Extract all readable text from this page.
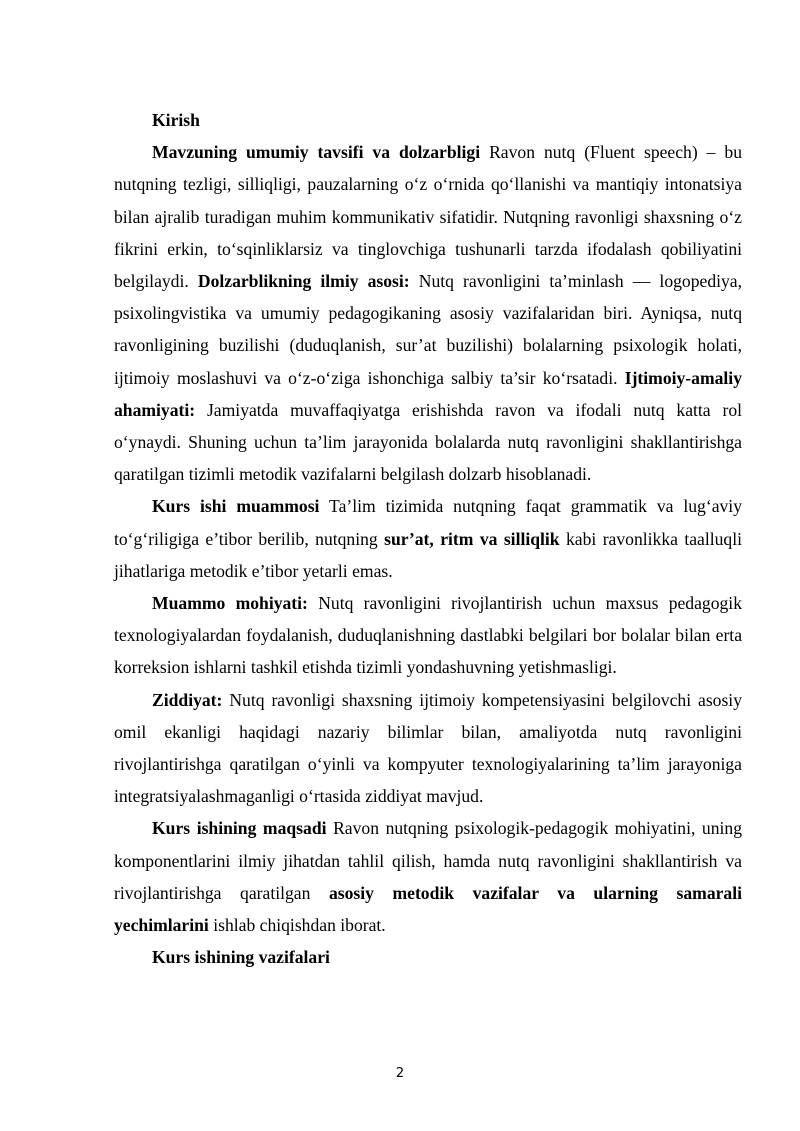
Kirish

Mavzuning umumiy tavsifi va dolzarbligi Ravon nutq (Fluent speech) – bu nutqning tezligi, silliqligi, pauzalarning o‘z o‘rnida qo‘llanishi va mantiqiy intonatsiya bilan ajralib turadigan muhim kommunikativ sifatidir. Nutqning ravonligi shaxsning o‘z fikrini erkin, to‘sqinliklarsiz va tinglovchiga tushunarli tarzda ifodalash qobiliyatini belgilaydi. Dolzarblikning ilmiy asosi: Nutq ravonligini ta’minlash — logopediya, psixolingvistika va umumiy pedagogikaning asosiy vazifalaridan biri. Ayniqsa, nutq ravonligining buzilishi (duduqlanish, sur’at buzilishi) bolalarning psixologik holati, ijtimoiy moslashuvi va o‘z-o‘ziga ishonchiga salbiy ta’sir ko‘rsatadi. Ijtimoiy-amaliy ahamiyati: Jamiyatda muvaffaqiyatga erishishda ravon va ifodali nutq katta rol o‘ynaydi. Shuning uchun ta’lim jarayonida bolalarda nutq ravonligini shakllantirishga qaratilgan tizimli metodik vazifalarni belgilash dolzarb hisoblanadi.

Kurs ishi muammosi Ta’lim tizimida nutqning faqat grammatik va lug‘aviy to‘g‘riligiga e’tibor berilib, nutqning sur’at, ritm va silliqlik kabi ravonlikka taalluqli jihatlariga metodik e’tibor yetarli emas.

Muammo mohiyati: Nutq ravonligini rivojlantirish uchun maxsus pedagogik texnologiyalardan foydalanish, duduqlanishning dastlabki belgilari bor bolalar bilan erta korreksion ishlarni tashkil etishda tizimli yondashuvning yetishmasligi.

Ziddiyat: Nutq ravonligi shaxsning ijtimoiy kompetensiyasini belgilovchi asosiy omil ekanligi haqidagi nazariy bilimlar bilan, amaliyotda nutq ravonligini rivojlantirishga qaratilgan o‘yinli va kompyuter texnologiyalarining ta’lim jarayoniga integratsiyalashmaganligi o‘rtasida ziddiyat mavjud.

Kurs ishining maqsadi Ravon nutqning psixologik-pedagogik mohiyatini, uning komponentlarini ilmiy jihatdan tahlil qilish, hamda nutq ravonligini shakllantirish va rivojlantirishga qaratilgan asosiy metodik vazifalar va ularning samarali yechimlarini ishlab chiqishdan iborat.

Kurs ishining vazifalari

2
